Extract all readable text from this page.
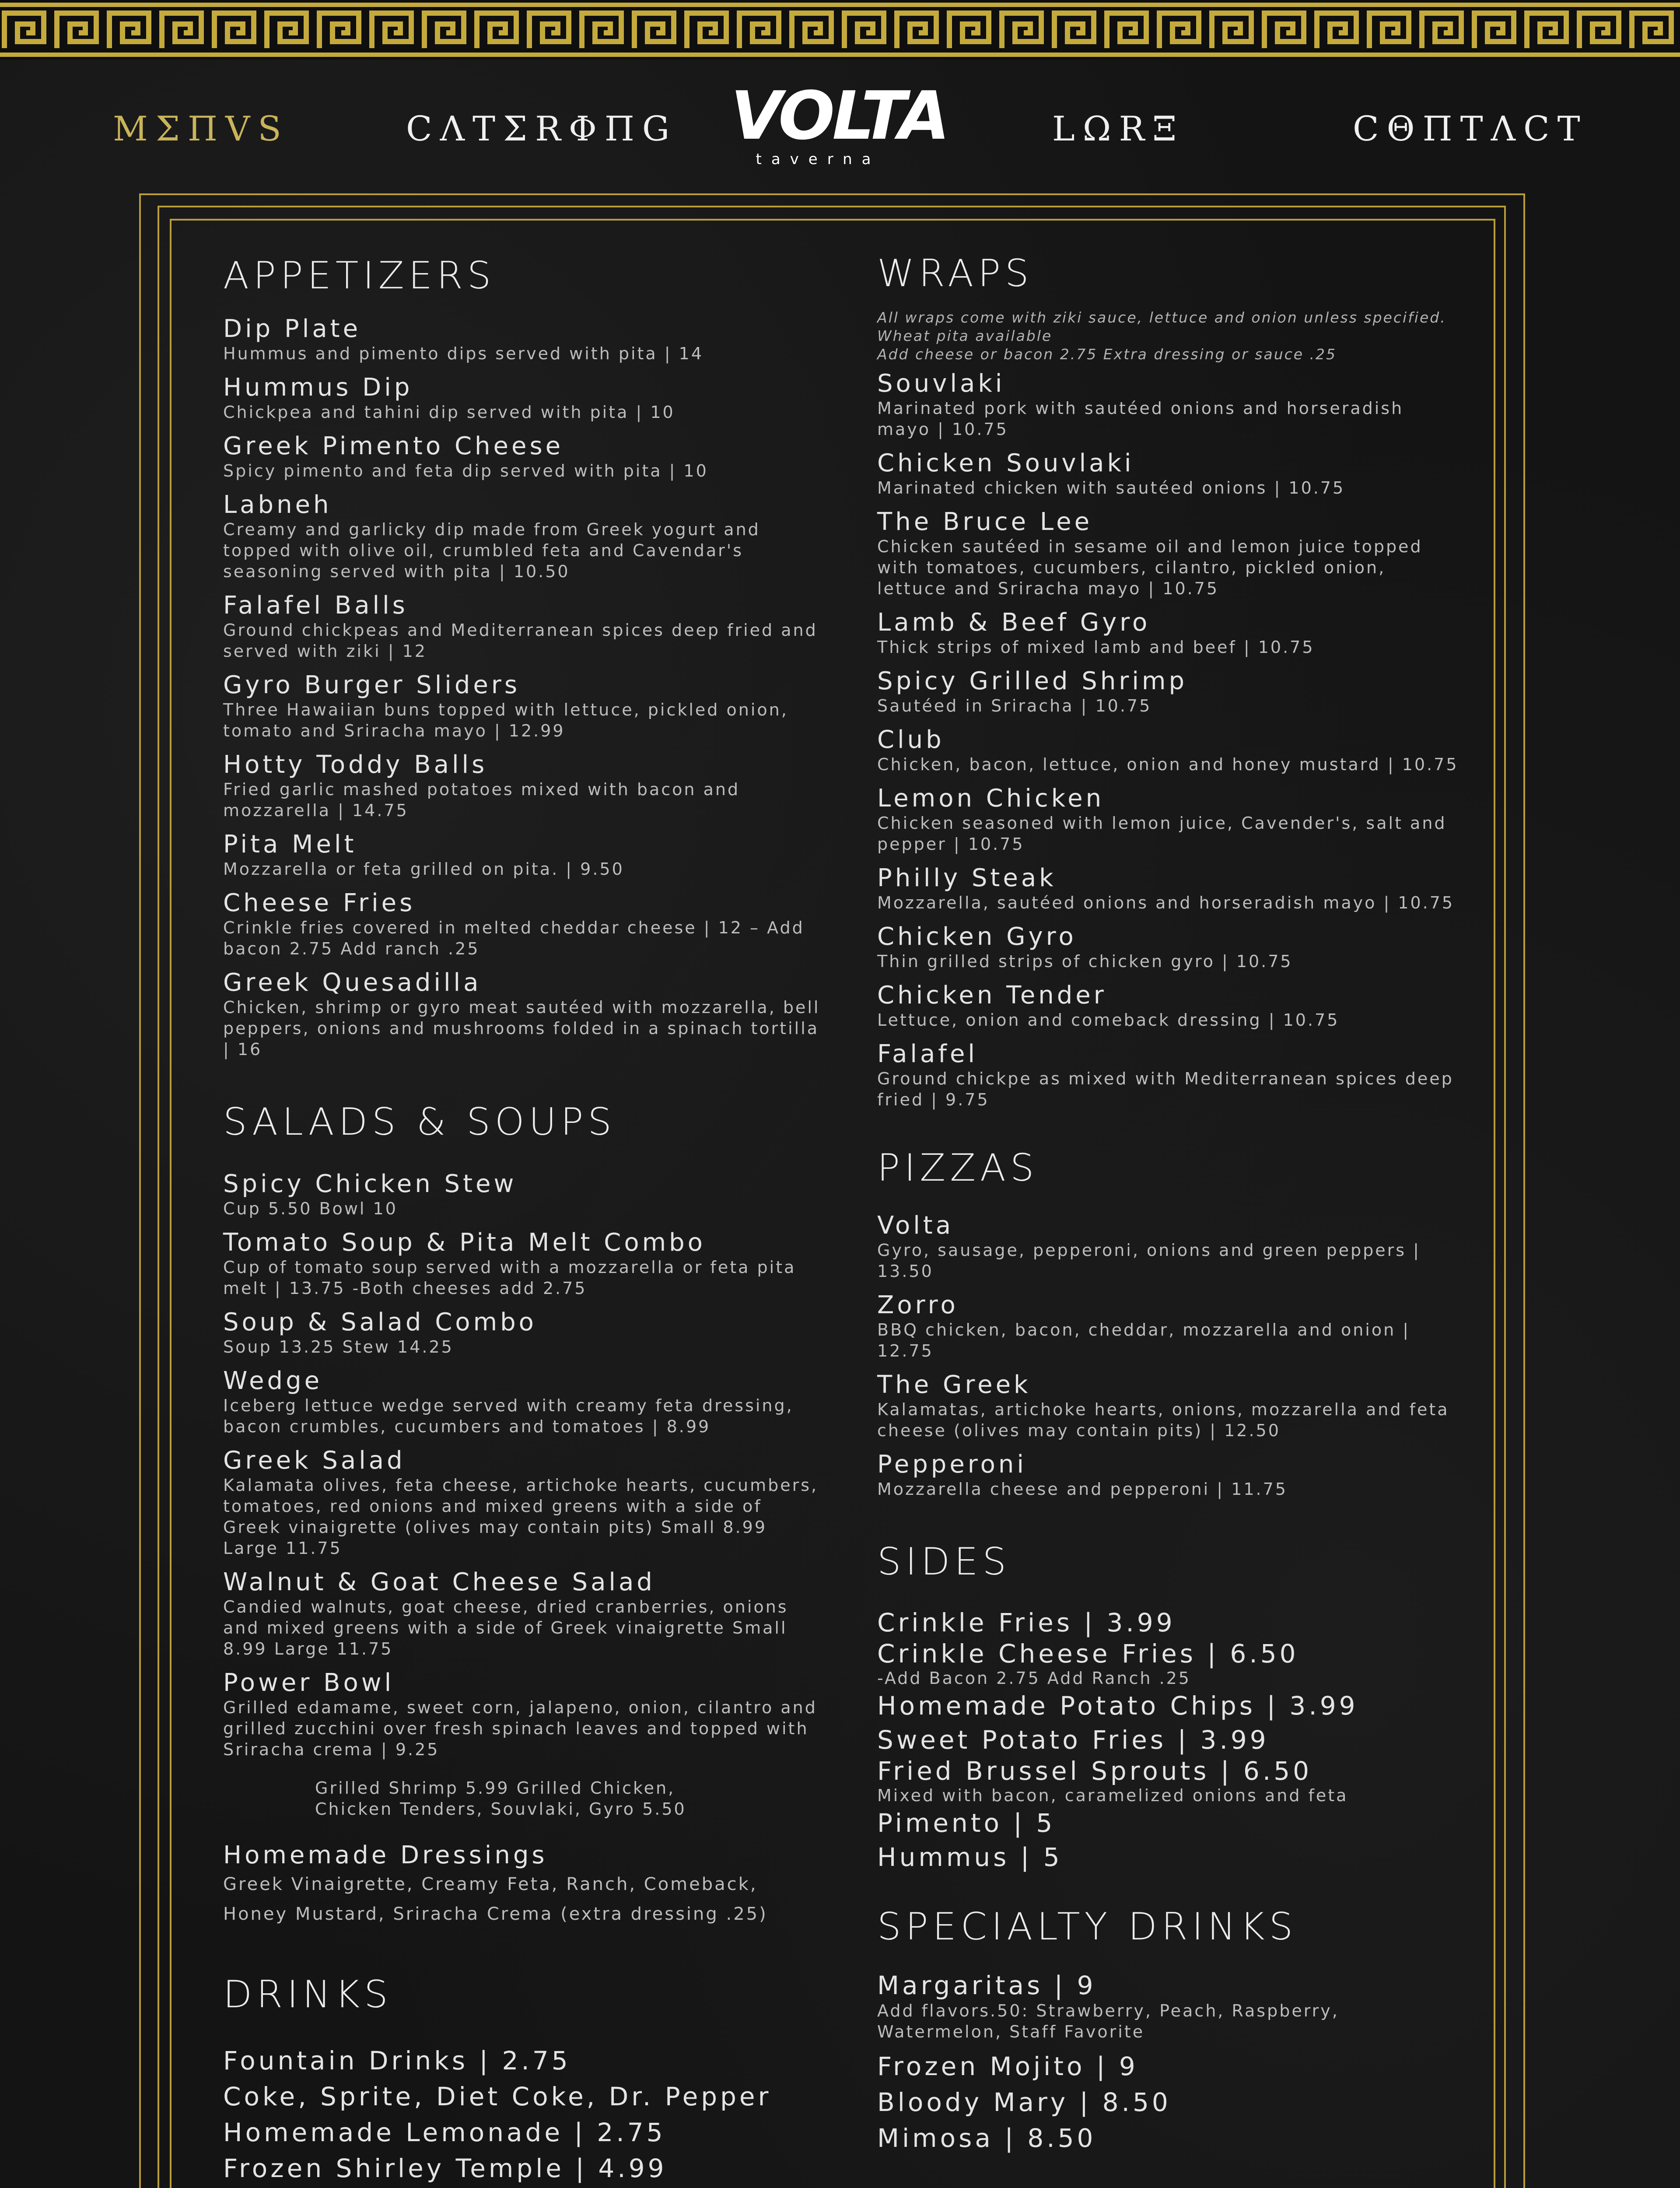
MΣΠVS	CΛTΣRΦΠG VOLTA
taverna
LΩRΞ	CΘΠTΛCT
APPETIZERS
Dip Plate
Hummus and pimento dips served with pita | 14
Hummus Dip
Chickpea and tahini dip served with pita | 10
Greek Pimento Cheese
Spicy pimento and feta dip served with pita | 10
Labneh
Creamy and garlicky dip made from Greek yogurt and topped with olive oil, crumbled feta and Cavendar's seasoning served with pita | 10.50
Falafel Balls
Ground chickpeas and Mediterranean spices deep fried and served with ziki | 12
Gyro Burger Sliders
Three Hawaiian buns topped with lettuce, pickled onion, tomato and Sriracha mayo | 12.99
Hotty Toddy Balls
Fried garlic mashed potatoes mixed with bacon and mozzarella | 14.75
Pita Melt
Mozzarella or feta grilled on pita. | 9.50
Cheese Fries
Crinkle fries covered in melted cheddar cheese | 12 – Add bacon 2.75 Add ranch .25
Greek Quesadilla
Chicken, shrimp or gyro meat sautéed with mozzarella, bell peppers, onions and mushrooms folded in a spinach tortilla | 16
SALADS & SOUPS
Spicy Chicken Stew
Cup 5.50 Bowl 10
Tomato Soup & Pita Melt Combo
Cup of tomato soup served with a mozzarella or feta pita melt | 13.75 -Both cheeses add 2.75
Soup & Salad Combo
Soup 13.25 Stew 14.25
Wedge
Iceberg lettuce wedge served with creamy feta dressing, bacon crumbles, cucumbers and tomatoes | 8.99
Greek Salad
Kalamata olives, feta cheese, artichoke hearts, cucumbers, tomatoes, red onions and mixed greens with a side of Greek vinaigrette (olives may contain pits) Small 8.99 Large 11.75
Walnut & Goat Cheese Salad
Candied walnuts, goat cheese, dried cranberries, onions and mixed greens with a side of Greek vinaigrette Small 8.99 Large 11.75
Power Bowl
Grilled edamame, sweet corn, jalapeno, onion, cilantro and grilled zucchini over fresh spinach leaves and topped with Sriracha crema | 9.25
Grilled Shrimp 5.99 Grilled Chicken,
Chicken Tenders, Souvlaki, Gyro 5.50
Homemade Dressings
Greek Vinaigrette, Creamy Feta, Ranch, Comeback,
Honey Mustard, Sriracha Crema (extra dressing .25)
DRINKS
Fountain Drinks | 2.75
Coke, Sprite, Diet Coke, Dr. Pepper
Homemade Lemonade | 2.75
Frozen Shirley Temple | 4.99
WRAPS
All wraps come with ziki sauce, lettuce and onion unless specified.
Wheat pita available
Add cheese or bacon 2.75 Extra dressing or sauce .25
Souvlaki
Marinated pork with sautéed onions and horseradish mayo | 10.75
Chicken Souvlaki
Marinated chicken with sautéed onions | 10.75
The Bruce Lee
Chicken sautéed in sesame oil and lemon juice topped with tomatoes, cucumbers, cilantro, pickled onion, lettuce and Sriracha mayo | 10.75
Lamb & Beef Gyro
Thick strips of mixed lamb and beef | 10.75
Spicy Grilled Shrimp
Sautéed in Sriracha | 10.75
Club
Chicken, bacon, lettuce, onion and honey mustard | 10.75
Lemon Chicken
Chicken seasoned with lemon juice, Cavender's, salt and pepper | 10.75
Philly Steak
Mozzarella, sautéed onions and horseradish mayo | 10.75
Chicken Gyro
Thin grilled strips of chicken gyro | 10.75
Chicken Tender
Lettuce, onion and comeback dressing | 10.75
Falafel
Ground chickpe as mixed with Mediterranean spices deep fried | 9.75
PIZZAS
Volta
Gyro, sausage, pepperoni, onions and green peppers | 13.50
Zorro
BBQ chicken, bacon, cheddar, mozzarella and onion | 12.75
The Greek
Kalamatas, artichoke hearts, onions, mozzarella and feta cheese (olives may contain pits) | 12.50
Pepperoni
Mozzarella cheese and pepperoni | 11.75
SIDES
Crinkle Fries | 3.99
Crinkle Cheese Fries | 6.50
-Add Bacon 2.75 Add Ranch .25
Homemade Potato Chips | 3.99
Sweet Potato Fries | 3.99
Fried Brussel Sprouts | 6.50
Mixed with bacon, caramelized onions and feta
Pimento | 5
Hummus | 5
SPECIALTY DRINKS
Margaritas | 9
Add flavors.50: Strawberry, Peach, Raspberry, Watermelon, Staff Favorite
Frozen Mojito | 9
Bloody Mary | 8.50
Mimosa | 8.50
